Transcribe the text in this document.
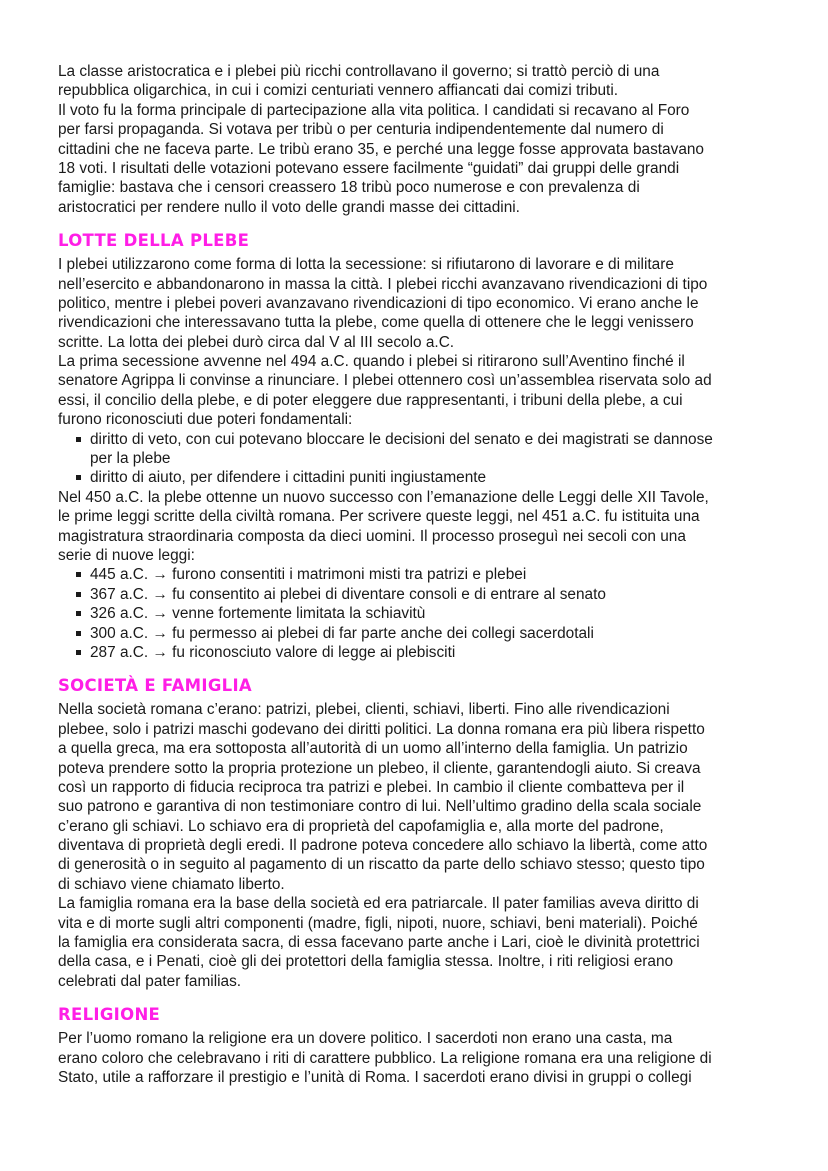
La classe aristocratica e i plebei più ricchi controllavano il governo; si trattò perciò di una
repubblica oligarchica, in cui i comizi centuriati vennero affiancati dai comizi tributi.
Il voto fu la forma principale di partecipazione alla vita politica. I candidati si recavano al Foro
per farsi propaganda. Si votava per tribù o per centuria indipendentemente dal numero di
cittadini che ne faceva parte. Le tribù erano 35, e perché una legge fosse approvata bastavano
18 voti. I risultati delle votazioni potevano essere facilmente “guidati” dai gruppi delle grandi
famiglie: bastava che i censori creassero 18 tribù poco numerose e con prevalenza di
aristocratici per rendere nullo il voto delle grandi masse dei cittadini.
LOTTE DELLA PLEBE
I plebei utilizzarono come forma di lotta la secessione: si rifiutarono di lavorare e di militare
nell’esercito e abbandonarono in massa la città. I plebei ricchi avanzavano rivendicazioni di tipo
politico, mentre i plebei poveri avanzavano rivendicazioni di tipo economico. Vi erano anche le
rivendicazioni che interessavano tutta la plebe, come quella di ottenere che le leggi venissero
scritte. La lotta dei plebei durò circa dal V al III secolo a.C.
La prima secessione avvenne nel 494 a.C. quando i plebei si ritirarono sull’Aventino finché il
senatore Agrippa li convinse a rinunciare. I plebei ottennero così un’assemblea riservata solo ad
essi, il concilio della plebe, e di poter eleggere due rappresentanti, i tribuni della plebe, a cui
furono riconosciuti due poteri fondamentali:
diritto di veto, con cui potevano bloccare le decisioni del senato e dei magistrati se dannose
per la plebe
diritto di aiuto, per difendere i cittadini puniti ingiustamente
Nel 450 a.C. la plebe ottenne un nuovo successo con l’emanazione delle Leggi delle XII Tavole,
le prime leggi scritte della civiltà romana. Per scrivere queste leggi, nel 451 a.C. fu istituita una
magistratura straordinaria composta da dieci uomini. Il processo proseguì nei secoli con una
serie di nuove leggi:
445 a.C. → furono consentiti i matrimoni misti tra patrizi e plebei
367 a.C. → fu consentito ai plebei di diventare consoli e di entrare al senato
326 a.C. → venne fortemente limitata la schiavitù
300 a.C. → fu permesso ai plebei di far parte anche dei collegi sacerdotali
287 a.C. → fu riconosciuto valore di legge ai plebisciti
SOCIETÀ E FAMIGLIA
Nella società romana c’erano: patrizi, plebei, clienti, schiavi, liberti. Fino alle rivendicazioni
plebee, solo i patrizi maschi godevano dei diritti politici. La donna romana era più libera rispetto
a quella greca, ma era sottoposta all’autorità di un uomo all’interno della famiglia. Un patrizio
poteva prendere sotto la propria protezione un plebeo, il cliente, garantendogli aiuto. Si creava
così un rapporto di fiducia reciproca tra patrizi e plebei. In cambio il cliente combatteva per il
suo patrono e garantiva di non testimoniare contro di lui. Nell’ultimo gradino della scala sociale
c’erano gli schiavi. Lo schiavo era di proprietà del capofamiglia e, alla morte del padrone,
diventava di proprietà degli eredi. Il padrone poteva concedere allo schiavo la libertà, come atto
di generosità o in seguito al pagamento di un riscatto da parte dello schiavo stesso; questo tipo
di schiavo viene chiamato liberto.
La famiglia romana era la base della società ed era patriarcale. Il pater familias aveva diritto di
vita e di morte sugli altri componenti (madre, figli, nipoti, nuore, schiavi, beni materiali). Poiché
la famiglia era considerata sacra, di essa facevano parte anche i Lari, cioè le divinità protettrici
della casa, e i Penati, cioè gli dei protettori della famiglia stessa. Inoltre, i riti religiosi erano
celebrati dal pater familias.
RELIGIONE
Per l’uomo romano la religione era un dovere politico. I sacerdoti non erano una casta, ma
erano coloro che celebravano i riti di carattere pubblico. La religione romana era una religione di
Stato, utile a rafforzare il prestigio e l’unità di Roma. I sacerdoti erano divisi in gruppi o collegi
